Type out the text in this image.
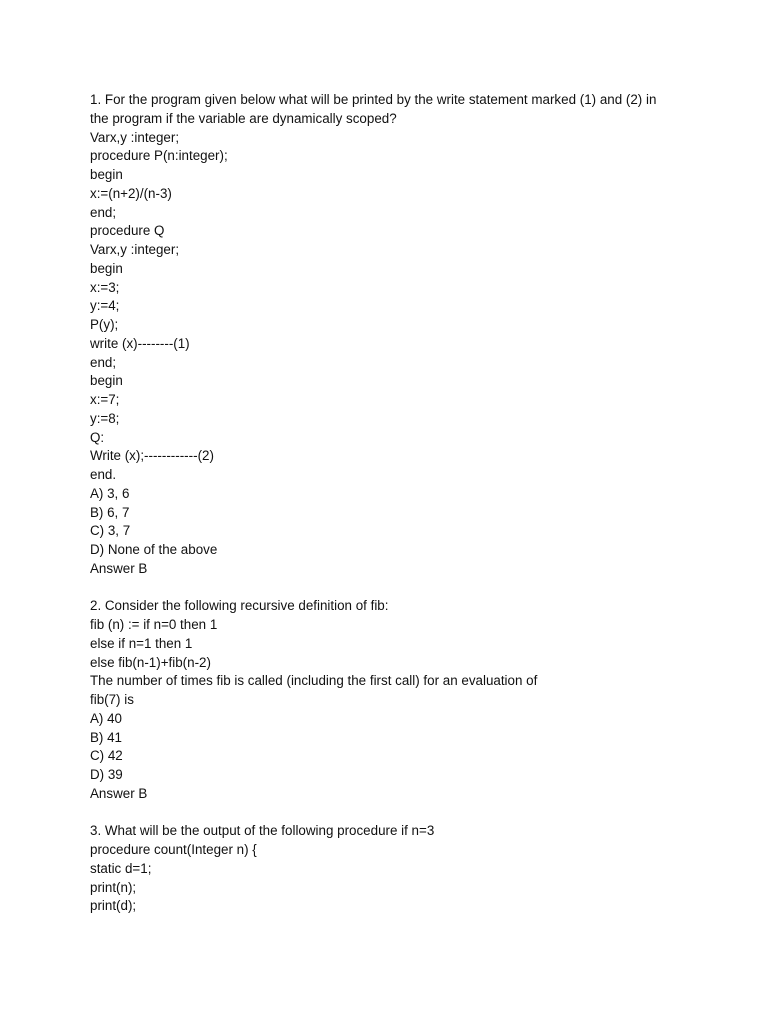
1. For the program given below what will be printed by the write statement marked (1) and (2) in
the program if the variable are dynamically scoped?
Varx,y :integer;
procedure P(n:integer);
begin
x:=(n+2)/(n-3)
end;
procedure Q
Varx,y :integer;
begin
x:=3;
y:=4;
P(y);
write (x)--------(1)
end;
begin
x:=7;
y:=8;
Q:
Write (x);------------(2)
end.
A) 3, 6
B) 6, 7
C) 3, 7
D) None of the above
Answer B
2. Consider the following recursive definition of fib:
fib (n) := if n=0 then 1
else if n=1 then 1
else fib(n-1)+fib(n-2)
The number of times fib is called (including the first call) for an evaluation of
fib(7) is
A) 40
B) 41
C) 42
D) 39
Answer B
3. What will be the output of the following procedure if n=3
procedure count(Integer n) {
static d=1;
print(n);
print(d);
